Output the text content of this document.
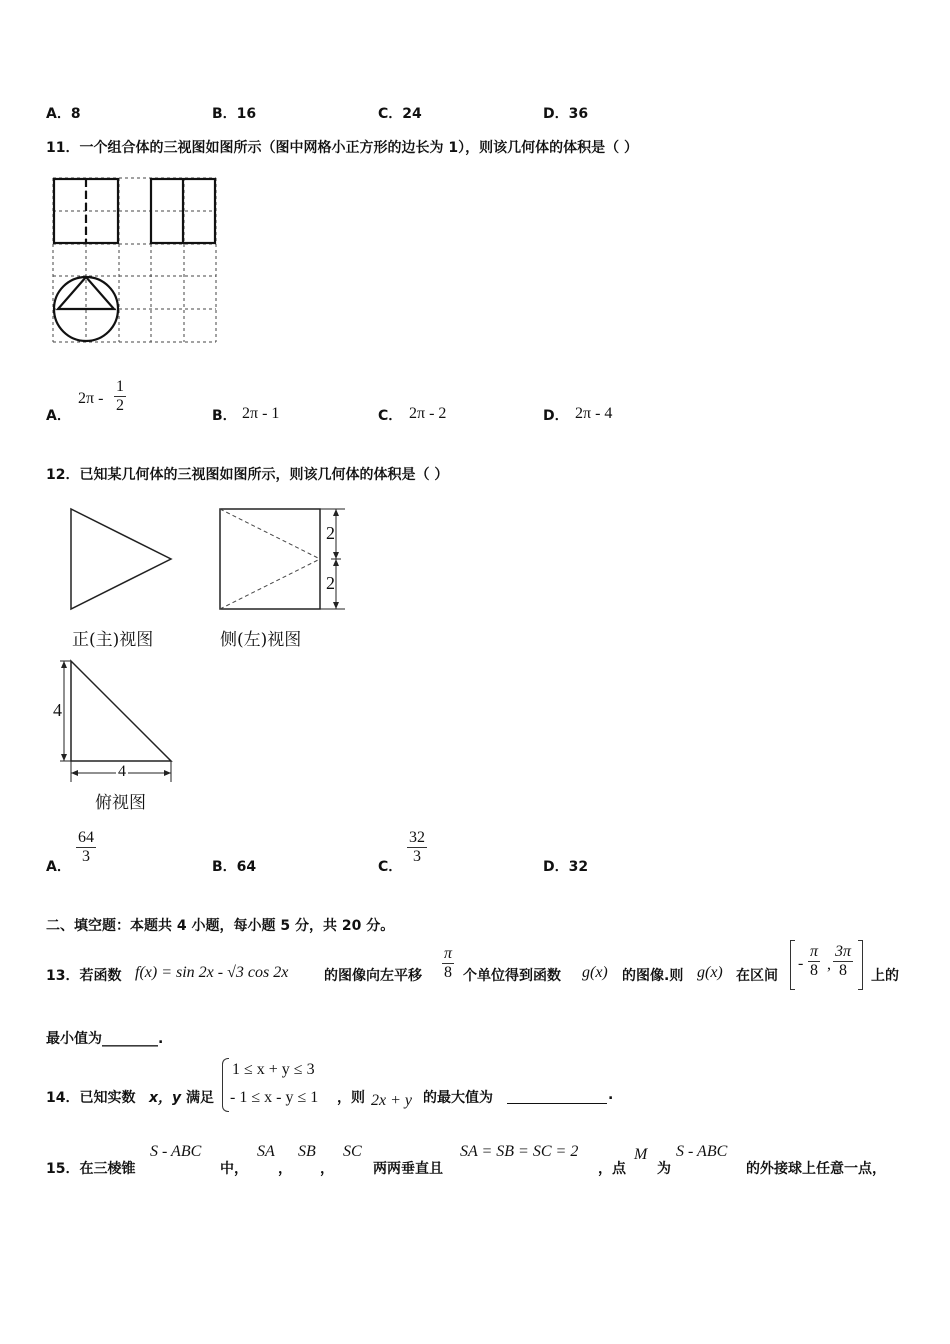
A．8	B．16	C．24	D．36
11．一个组合体的三视图如图所示（图中网格小正方形的边长为 1），则该几何体的体积是（ ）
A．
$2\pi - \frac{1}{2}$
B． 2π - 1	C． 2π - 2	D． 2π - 4
12．已知某几何体的三视图如图所示，则该几何体的体积是（ ）
2
2
4
4
正(主)视图	侧(左)视图
俯视图
A．
$\frac{64}{3}$
B．64	C．
$\frac{32}{3}$
D．32
二、填空题：本题共 4 小题，每小题 5 分，共 20 分。
13．若函数 f(x) = sin 2x - √3 cos 2x	的图像向左平移 $\frac{\pi}{8}$ 个单位得到函数 g(x) 的图像.则 g(x) 在区间
- $\frac{\pi}{8}$ , $\frac{3\pi}{8}$ 上的
最小值为________.
14．已知实数 x，y 满足
1 ≤ x + y ≤ 3
- 1 ≤ x - y ≤ 1 ，则 2x + y 的最大值为	.
15．在三棱锥
S - ABC
中，
SA
，
SB
，
SC
两两垂直且
SA = SB = SC = 2
，点
M
为
S - ABC
的外接球上任意一点，
